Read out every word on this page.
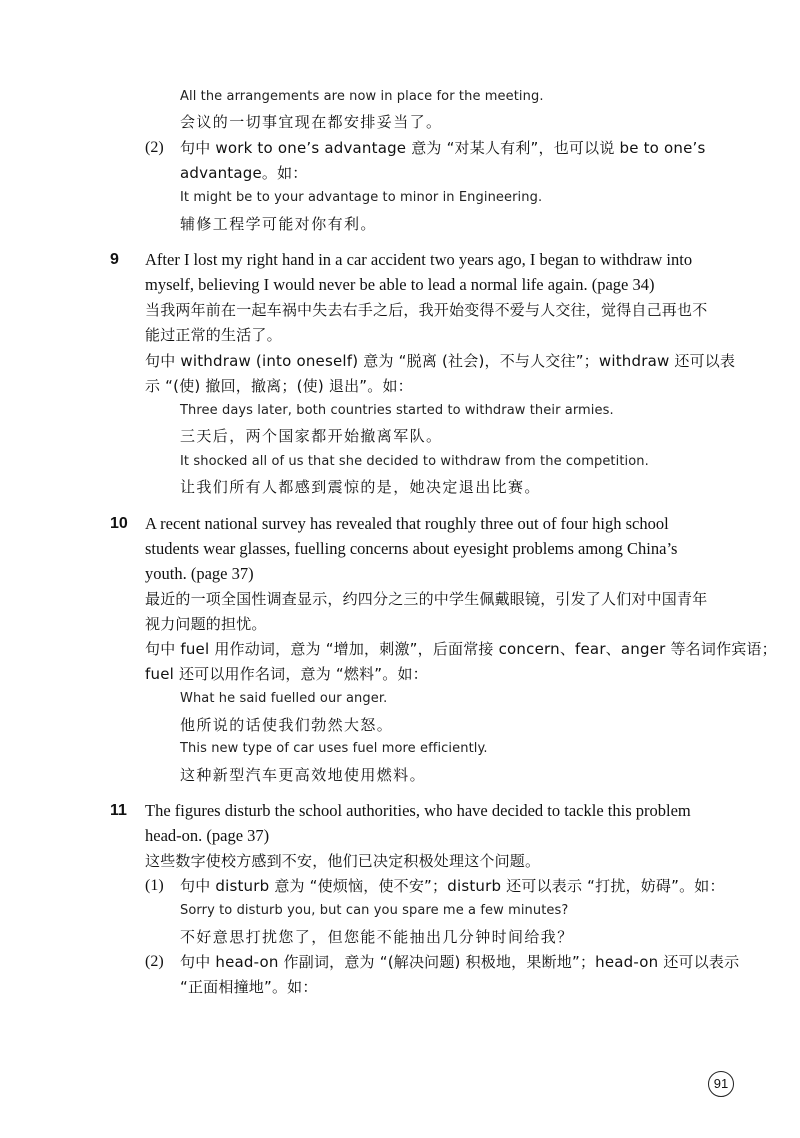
All the arrangements are now in place for the meeting.
会议的一切事宜现在都安排妥当了。
(2) 句中 work to one’s advantage 意为 “对某人有利”，也可以说 be to one’s
advantage。如：
It might be to your advantage to minor in Engineering.
辅修工程学可能对你有利。
9 After I lost my right hand in a car accident two years ago, I began to withdraw into
myself, believing I would never be able to lead a normal life again. (page 34)
当我两年前在一起车祸中失去右手之后，我开始变得不爱与人交往，觉得自己再也不
能过正常的生活了。
句中 withdraw (into oneself) 意为 “脱离 (社会)，不与人交往”；withdraw 还可以表
示 “(使) 撤回，撤离；(使) 退出”。如：
Three days later, both countries started to withdraw their armies.
三天后，两个国家都开始撤离军队。
It shocked all of us that she decided to withdraw from the competition.
让我们所有人都感到震惊的是，她决定退出比赛。
10 A recent national survey has revealed that roughly three out of four high school
students wear glasses, fuelling concerns about eyesight problems among China’s
youth. (page 37)
最近的一项全国性调查显示，约四分之三的中学生佩戴眼镜，引发了人们对中国青年
视力问题的担忧。
句中 fuel 用作动词，意为 “增加，刺激”，后面常接 concern、fear、anger 等名词作宾语；
fuel 还可以用作名词，意为 “燃料”。如：
What he said fuelled our anger.
他所说的话使我们勃然大怒。
This new type of car uses fuel more efficiently.
这种新型汽车更高效地使用燃料。
11 The figures disturb the school authorities, who have decided to tackle this problem
head-on. (page 37)
这些数字使校方感到不安，他们已决定积极处理这个问题。
(1) 句中 disturb 意为 “使烦恼，使不安”；disturb 还可以表示 “打扰，妨碍”。如：
Sorry to disturb you, but can you spare me a few minutes?
不好意思打扰您了，但您能不能抽出几分钟时间给我？
(2) 句中 head-on 作副词，意为 “(解决问题) 积极地，果断地”；head-on 还可以表示
“正面相撞地”。如：
91
